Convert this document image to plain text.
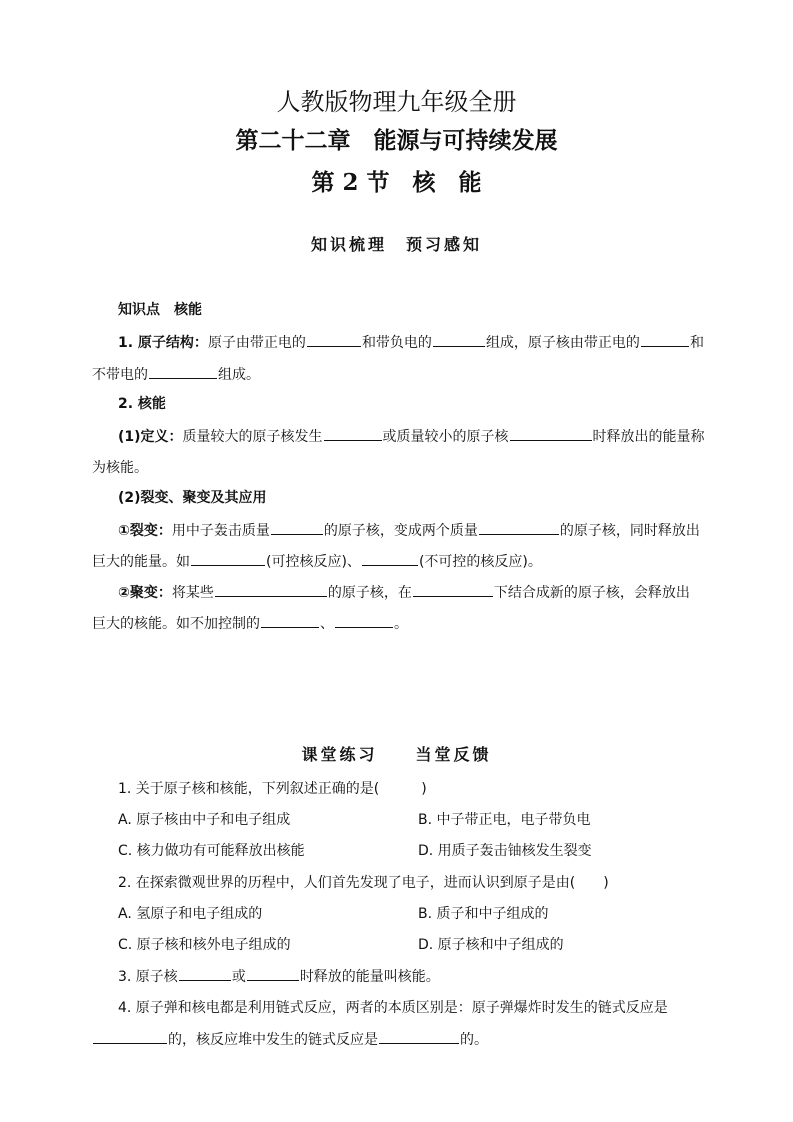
人教版物理九年级全册
第二十二章　能源与可持续发展
第 2 节　核　能
知识梳理　预习感知
知识点　核能
1. 原子结构：原子由带正电的	和带负电的	组成，原子核由带正电的	和
不带电的	组成。
2. 核能
(1)定义：质量较大的原子核发生	或质量较小的原子核	时释放出的能量称
为核能。
(2)裂变、聚变及其应用
①裂变：用中子轰击质量	的原子核，变成两个质量	的原子核，同时释放出
巨大的能量。如	(可控核反应)、	(不可控的核反应)。
②聚变：将某些	的原子核，在	下结合成新的原子核，会释放出
巨大的核能。如不加控制的	、	。
课堂练习　　当堂反馈
1. 关于原子核和核能，下列叙述正确的是(　　　)
A. 原子核由中子和电子组成	B. 中子带正电，电子带负电
C. 核力做功有可能释放出核能	D. 用质子轰击铀核发生裂变
2. 在探索微观世界的历程中，人们首先发现了电子，进而认识到原子是由(　　)
A. 氢原子和电子组成的	B. 质子和中子组成的
C. 原子核和核外电子组成的	D. 原子核和中子组成的
3. 原子核	或	时释放的能量叫核能。
4. 原子弹和核电都是利用链式反应，两者的本质区别是：原子弹爆炸时发生的链式反应是
的，核反应堆中发生的链式反应是	的。
